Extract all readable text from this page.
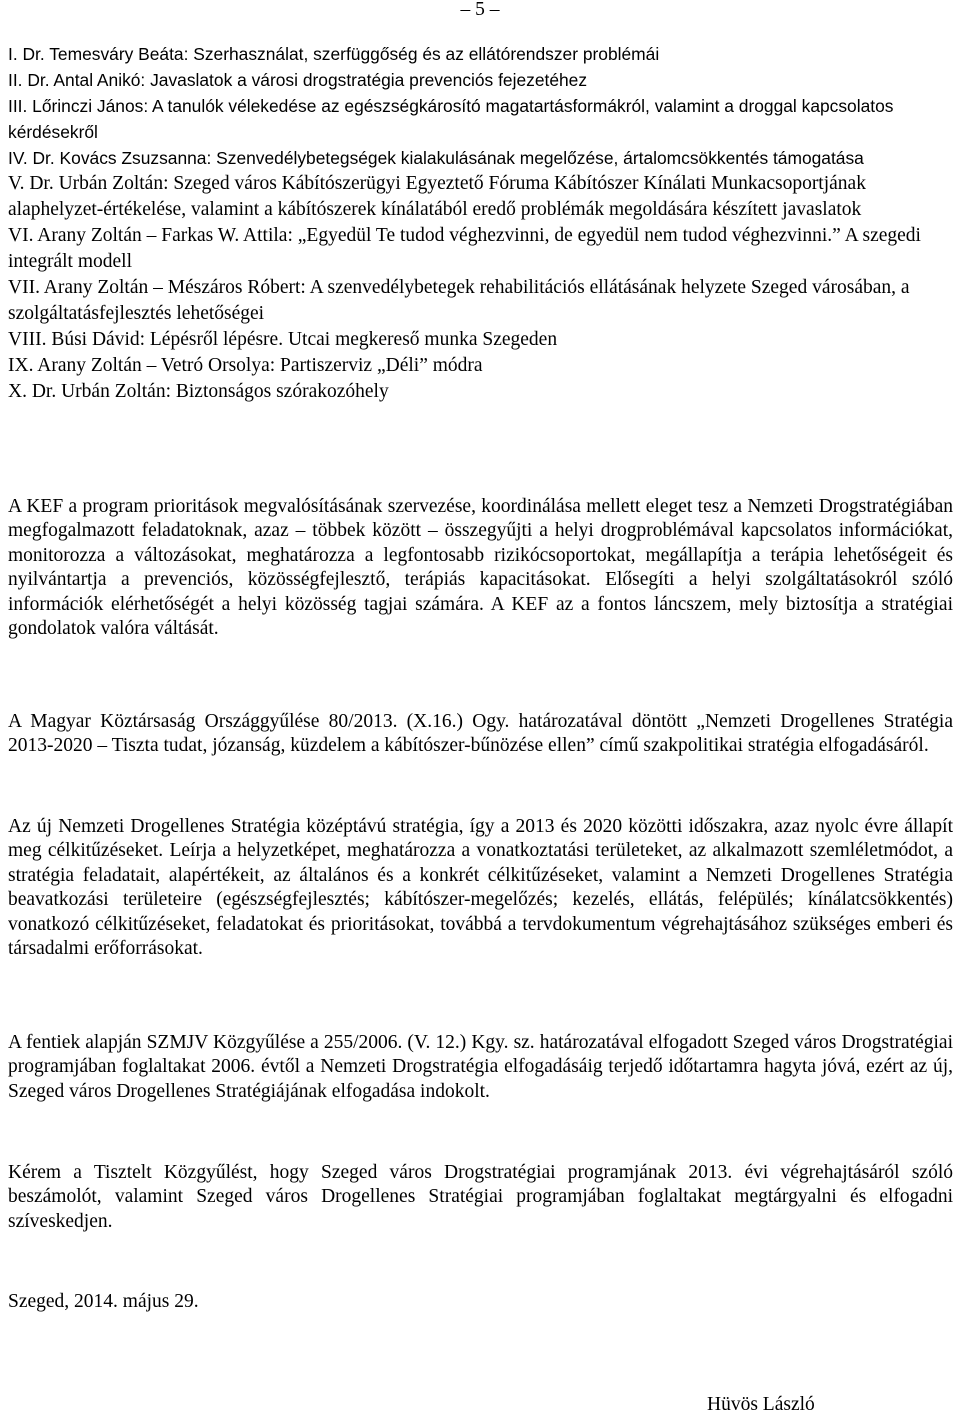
– 5 –

I. Dr. Temesváry Beáta: Szerhasználat, szerfüggőség és az ellátórendszer problémái

II. Dr. Antal Anikó: Javaslatok a városi drogstratégia prevenciós fejezetéhez

III. Lőrinczi János: A tanulók vélekedése az egészségkárosító magatartásformákról, valamint a droggal kapcsolatos kérdésekről

IV. Dr. Kovács Zsuzsanna: Szenvedélybetegségek kialakulásának megelőzése, ártalomcsökkentés támogatása

V. Dr. Urbán Zoltán: Szeged város Kábítószerügyi Egyeztető Fóruma Kábítószer Kínálati Munkacsoportjának alaphelyzet-értékelése, valamint a kábítószerek kínálatából eredő problémák megoldására készített javaslatok

VI. Arany Zoltán – Farkas W. Attila: „Egyedül Te tudod véghezvinni, de egyedül nem tudod véghezvinni.” A szegedi integrált modell

VII. Arany Zoltán – Mészáros Róbert: A szenvedélybetegek rehabilitációs ellátásának helyzete Szeged városában, a szolgáltatásfejlesztés lehetőségei

VIII. Búsi Dávid: Lépésről lépésre. Utcai megkereső munka Szegeden

IX. Arany Zoltán – Vetró Orsolya: Partiszerviz „Déli” módra

X. Dr. Urbán Zoltán: Biztonságos szórakozóhely

A KEF a program prioritások megvalósításának szervezése, koordinálása mellett eleget tesz a Nemzeti Drogstratégiában megfogalmazott feladatoknak, azaz – többek között – összegyűjti a helyi drogproblémával kapcsolatos információkat, monitorozza a változásokat, meghatározza a legfontosabb rizikócsoportokat, megállapítja a terápia lehetőségeit és nyilvántartja a prevenciós, közösségfejlesztő, terápiás kapacitásokat. Elősegíti a helyi szolgáltatásokról szóló információk elérhetőségét a helyi közösség tagjai számára. A KEF az a fontos láncszem, mely biztosítja a stratégiai gondolatok valóra váltását.

A Magyar Köztársaság Országgyűlése 80/2013. (X.16.) Ogy. határozatával döntött „Nemzeti Drogellenes Stratégia 2013-2020 – Tiszta tudat, józanság, küzdelem a kábítószer-bűnözése ellen” című szakpolitikai stratégia elfogadásáról.

Az új Nemzeti Drogellenes Stratégia középtávú stratégia, így a 2013 és 2020 közötti időszakra, azaz nyolc évre állapít meg célkitűzéseket. Leírja a helyzetképet, meghatározza a vonatkoztatási területeket, az alkalmazott szemléletmódot, a stratégia feladatait, alapértékeit, az általános és a konkrét célkitűzéseket, valamint a Nemzeti Drogellenes Stratégia beavatkozási területeire (egészségfejlesztés; kábítószer-megelőzés; kezelés, ellátás, felépülés; kínálatcsökkentés) vonatkozó célkitűzéseket, feladatokat és prioritásokat, továbbá a tervdokumentum végrehajtásához szükséges emberi és társadalmi erőforrásokat.

A fentiek alapján SZMJV Közgyűlése a 255/2006. (V. 12.) Kgy. sz. határozatával elfogadott Szeged város Drogstratégiai programjában foglaltakat 2006. évtől a Nemzeti Drogstratégia elfogadásáig terjedő időtartamra hagyta jóvá, ezért az új, Szeged város Drogellenes Stratégiájának elfogadása indokolt.

Kérem a Tisztelt Közgyűlést, hogy Szeged város Drogstratégiai programjának 2013. évi végrehajtásáról szóló beszámolót, valamint Szeged város Drogellenes Stratégiai programjában foglaltakat megtárgyalni és elfogadni szíveskedjen.

Szeged, 2014. május 29.

Hüvös László
